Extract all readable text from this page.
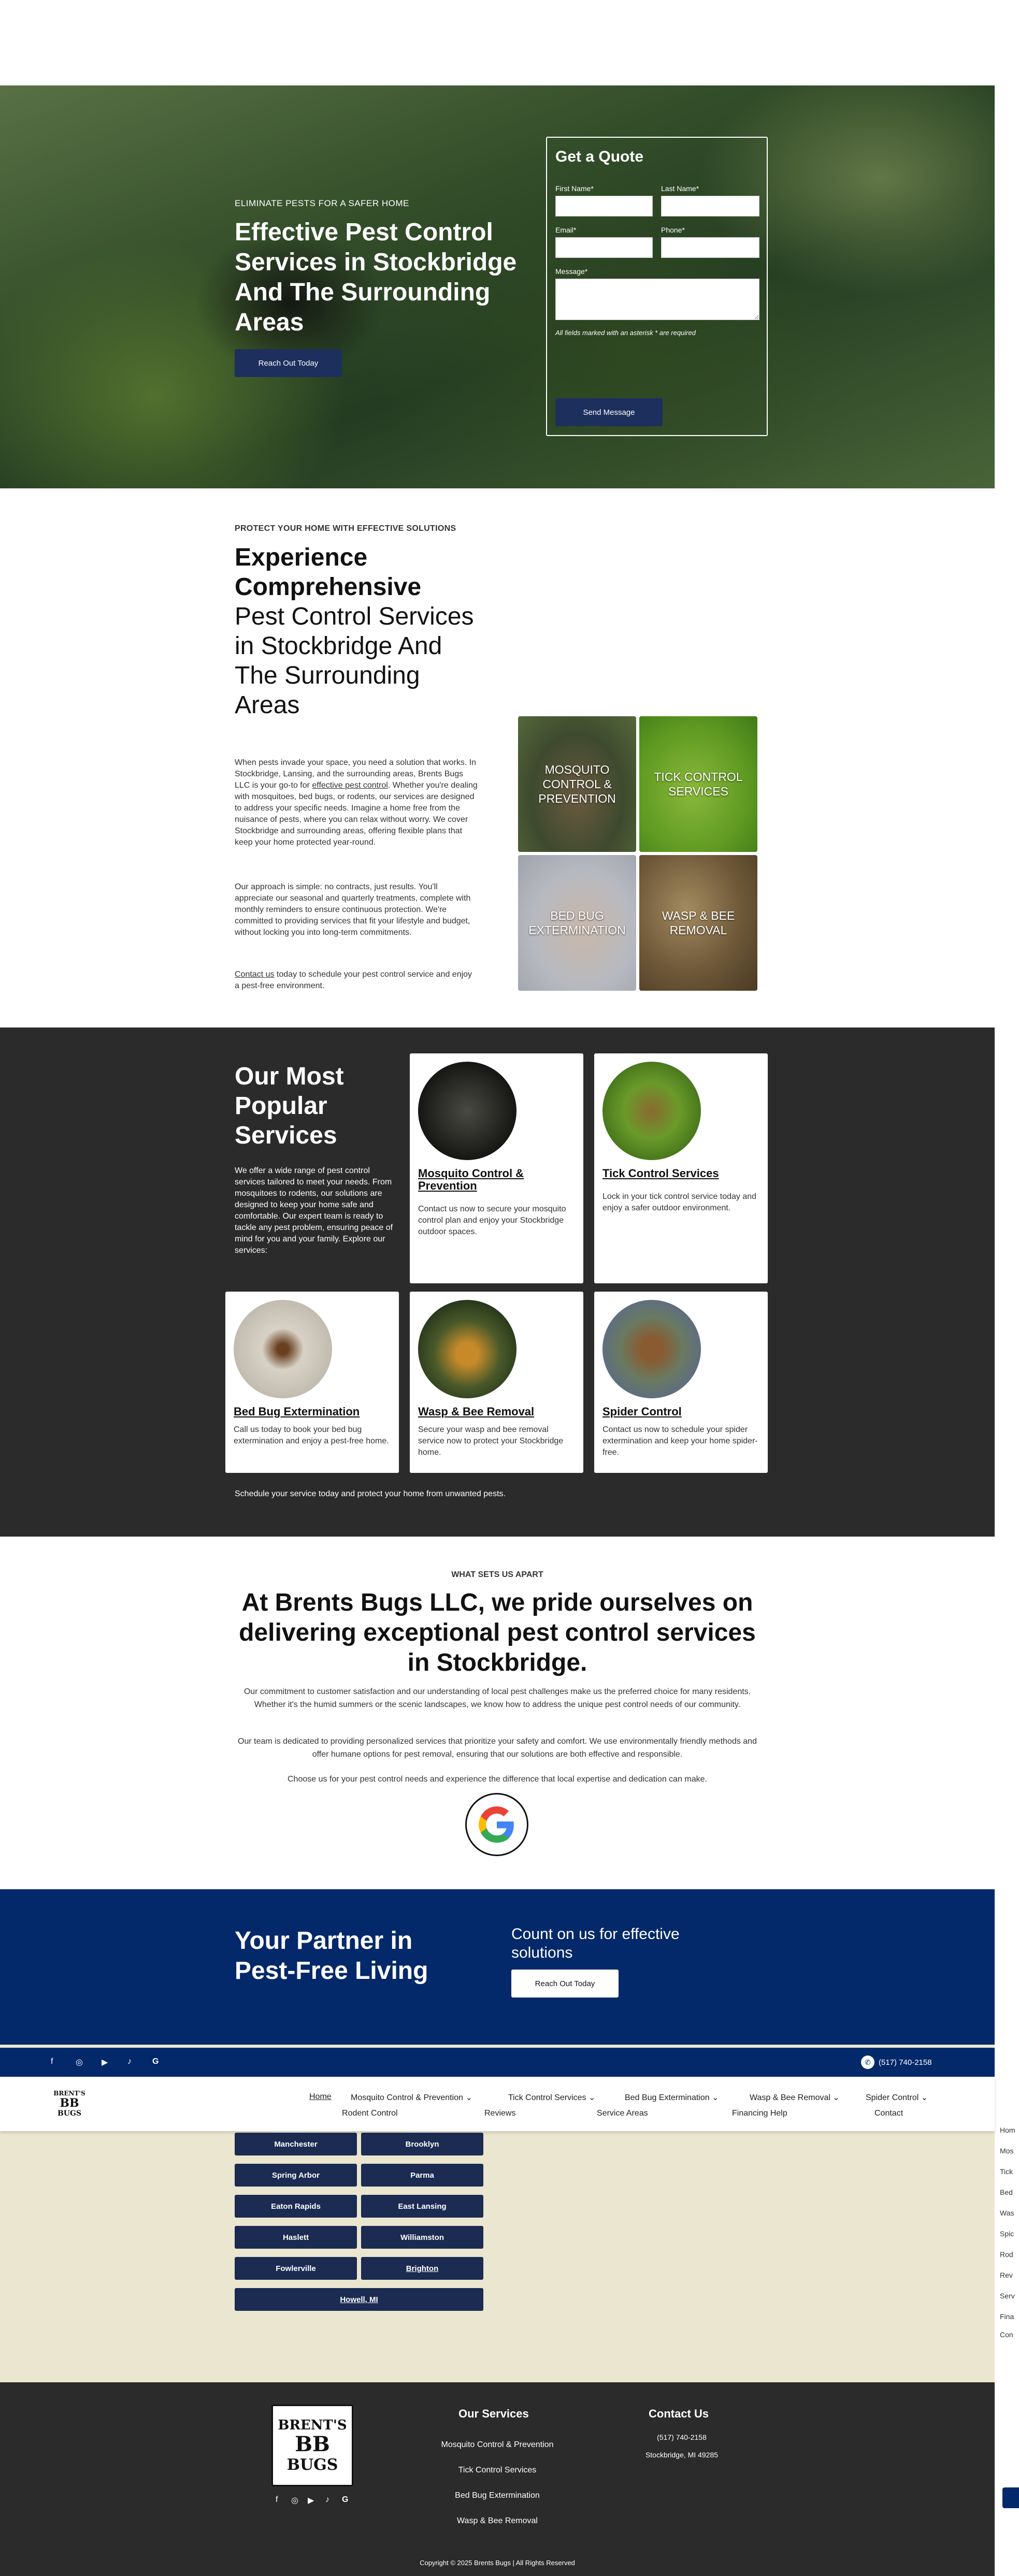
ELIMINATE PESTS FOR A SAFER HOME
Effective Pest Control Services in Stockbridge And The Surrounding Areas
Reach Out Today
Get a Quote
First Name*	Last Name*
Email*	Phone*
Message*
All fields marked with an asterisk * are required
Send Message
PROTECT YOUR HOME WITH EFFECTIVE SOLUTIONS
Experience Comprehensive
Pest Control Services in Stockbridge And The Surrounding Areas

When pests invade your space, you need a solution that works. In Stockbridge, Lansing, and the surrounding areas, Brents Bugs LLC is your go-to for effective pest control. Whether you're dealing with mosquitoes, bed bugs, or rodents, our services are designed to address your specific needs. Imagine a home free from the nuisance of pests, where you can relax without worry. We cover Stockbridge and surrounding areas, offering flexible plans that keep your home protected year-round.

Our approach is simple: no contracts, just results. You'll appreciate our seasonal and quarterly treatments, complete with monthly reminders to ensure continuous protection. We're committed to providing services that fit your lifestyle and budget, without locking you into long-term commitments.

Contact us today to schedule your pest control service and enjoy a pest-free environment.

MOSQUITO CONTROL & PREVENTION
TICK CONTROL SERVICES
BED BUG EXTERMINATION
WASP & BEE REMOVAL
Our Most Popular Services

We offer a wide range of pest control services tailored to meet your needs. From mosquitoes to rodents, our solutions are designed to keep your home safe and comfortable. Our expert team is ready to tackle any pest problem, ensuring peace of mind for you and your family. Explore our services:

Mosquito Control & Prevention
Contact us now to secure your mosquito control plan and enjoy your Stockbridge outdoor spaces.
Tick Control Services
Lock in your tick control service today and enjoy a safer outdoor environment.
Bed Bug Extermination
Call us today to book your bed bug extermination and enjoy a pest-free home.
Wasp & Bee Removal
Secure your wasp and bee removal service now to protect your Stockbridge home.
Spider Control
Contact us now to schedule your spider extermination and keep your home spider-free.

Schedule your service today and protect your home from unwanted pests.

WHAT SETS US APART
At Brents Bugs LLC, we pride ourselves on delivering exceptional pest control services in Stockbridge.

Our commitment to customer satisfaction and our understanding of local pest challenges make us the preferred choice for many residents. Whether it's the humid summers or the scenic landscapes, we know how to address the unique pest control needs of our community.

Our team is dedicated to providing personalized services that prioritize your safety and comfort. We use environmentally friendly methods and offer humane options for pest removal, ensuring that our solutions are both effective and responsible.

Choose us for your pest control needs and experience the difference that local expertise and dedication can make.

Your Partner in Pest-Free Living
Count on us for effective solutions
Reach Out Today
Manchester	Brooklyn
Spring Arbor	Parma
Eaton Rapids	East Lansing
Haslett	Williamston
Fowlerville	Brighton
Howell, MI
f	◎ ▶ ♪	G	✆	(517) 740-2158
BRENT'S
BB
BUGS
Home Mosquito Control & Prevention ⌄	Tick Control Services ⌄	Bed Bug Extermination ⌄	Wasp & Bee Removal ⌄	Spider Control ⌄
Rodent Control	Reviews	Service Areas	Financing Help	Contact
Hom
Mos
Tick
Bed
Was
Spic
Rod
Rev
Serv
Fina
Con
BRENT'S
BB
BUGS
f ◎ ▶ ♪ G
Our Services
Mosquito Control & Prevention
Tick Control Services
Bed Bug Extermination
Wasp & Bee Removal
Contact Us
(517) 740-2158
Stockbridge, MI 49285
Copyright © 2025 Brents Bugs | All Rights Reserved
